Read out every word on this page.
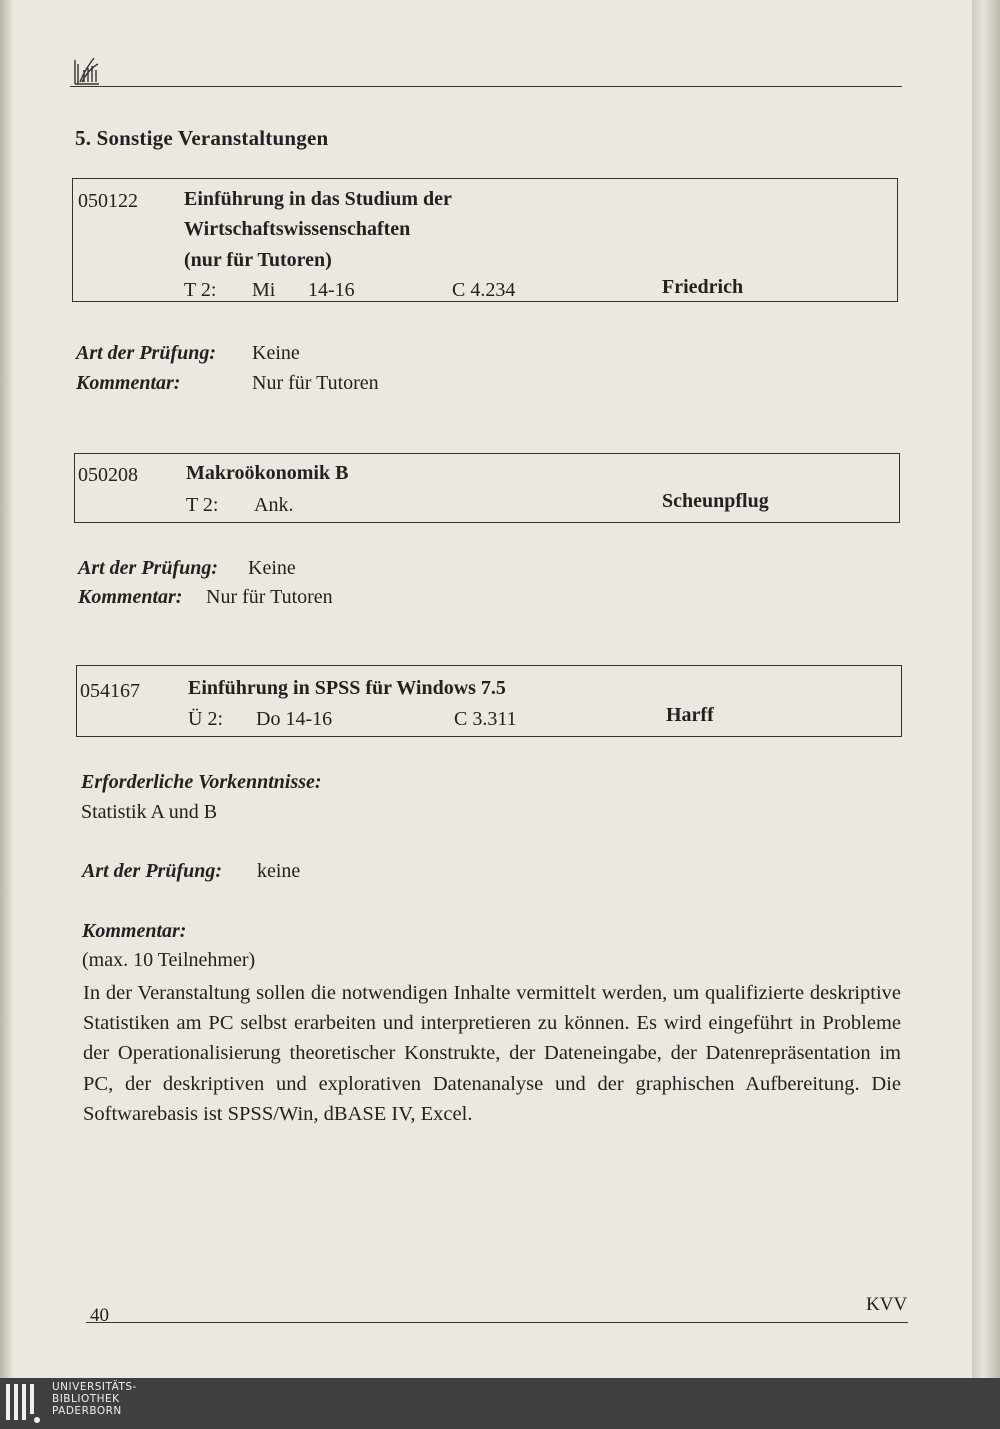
5. Sonstige Veranstaltungen
050122 Einführung in das Studium der
Wirtschaftswissenschaften
(nur für Tutoren)
T 2: Mi 14-16	C 4.234	Friedrich
Art der Prüfung: Keine
Kommentar:	Nur für Tutoren
050208 Makroökonomik B
T 2: Ank.	Scheunpflug
Art der Prüfung: Keine
Kommentar: Nur für Tutoren
054167 Einführung in SPSS für Windows 7.5
Ü 2: Do 14-16	C 3.311	Harff
Erforderliche Vorkenntnisse:
Statistik A und B
Art der Prüfung: keine
Kommentar:
(max. 10 Teilnehmer)
In der Veranstaltung sollen die notwendigen Inhalte vermittelt werden, um qualifizierte deskriptive Statistiken am PC selbst erarbeiten und interpretieren zu können. Es wird eingeführt in Probleme der Operationalisierung theoretischer Konstrukte, der Dateneingabe, der Datenrepräsentation im PC, der deskriptiven und explorativen Datenanalyse und der graphischen Aufbereitung. Die Softwarebasis ist SPSS/Win, dBASE IV, Excel.
KVV
40
UNIVERSITÄTS-
BIBLIOTHEK
PADERBORN
